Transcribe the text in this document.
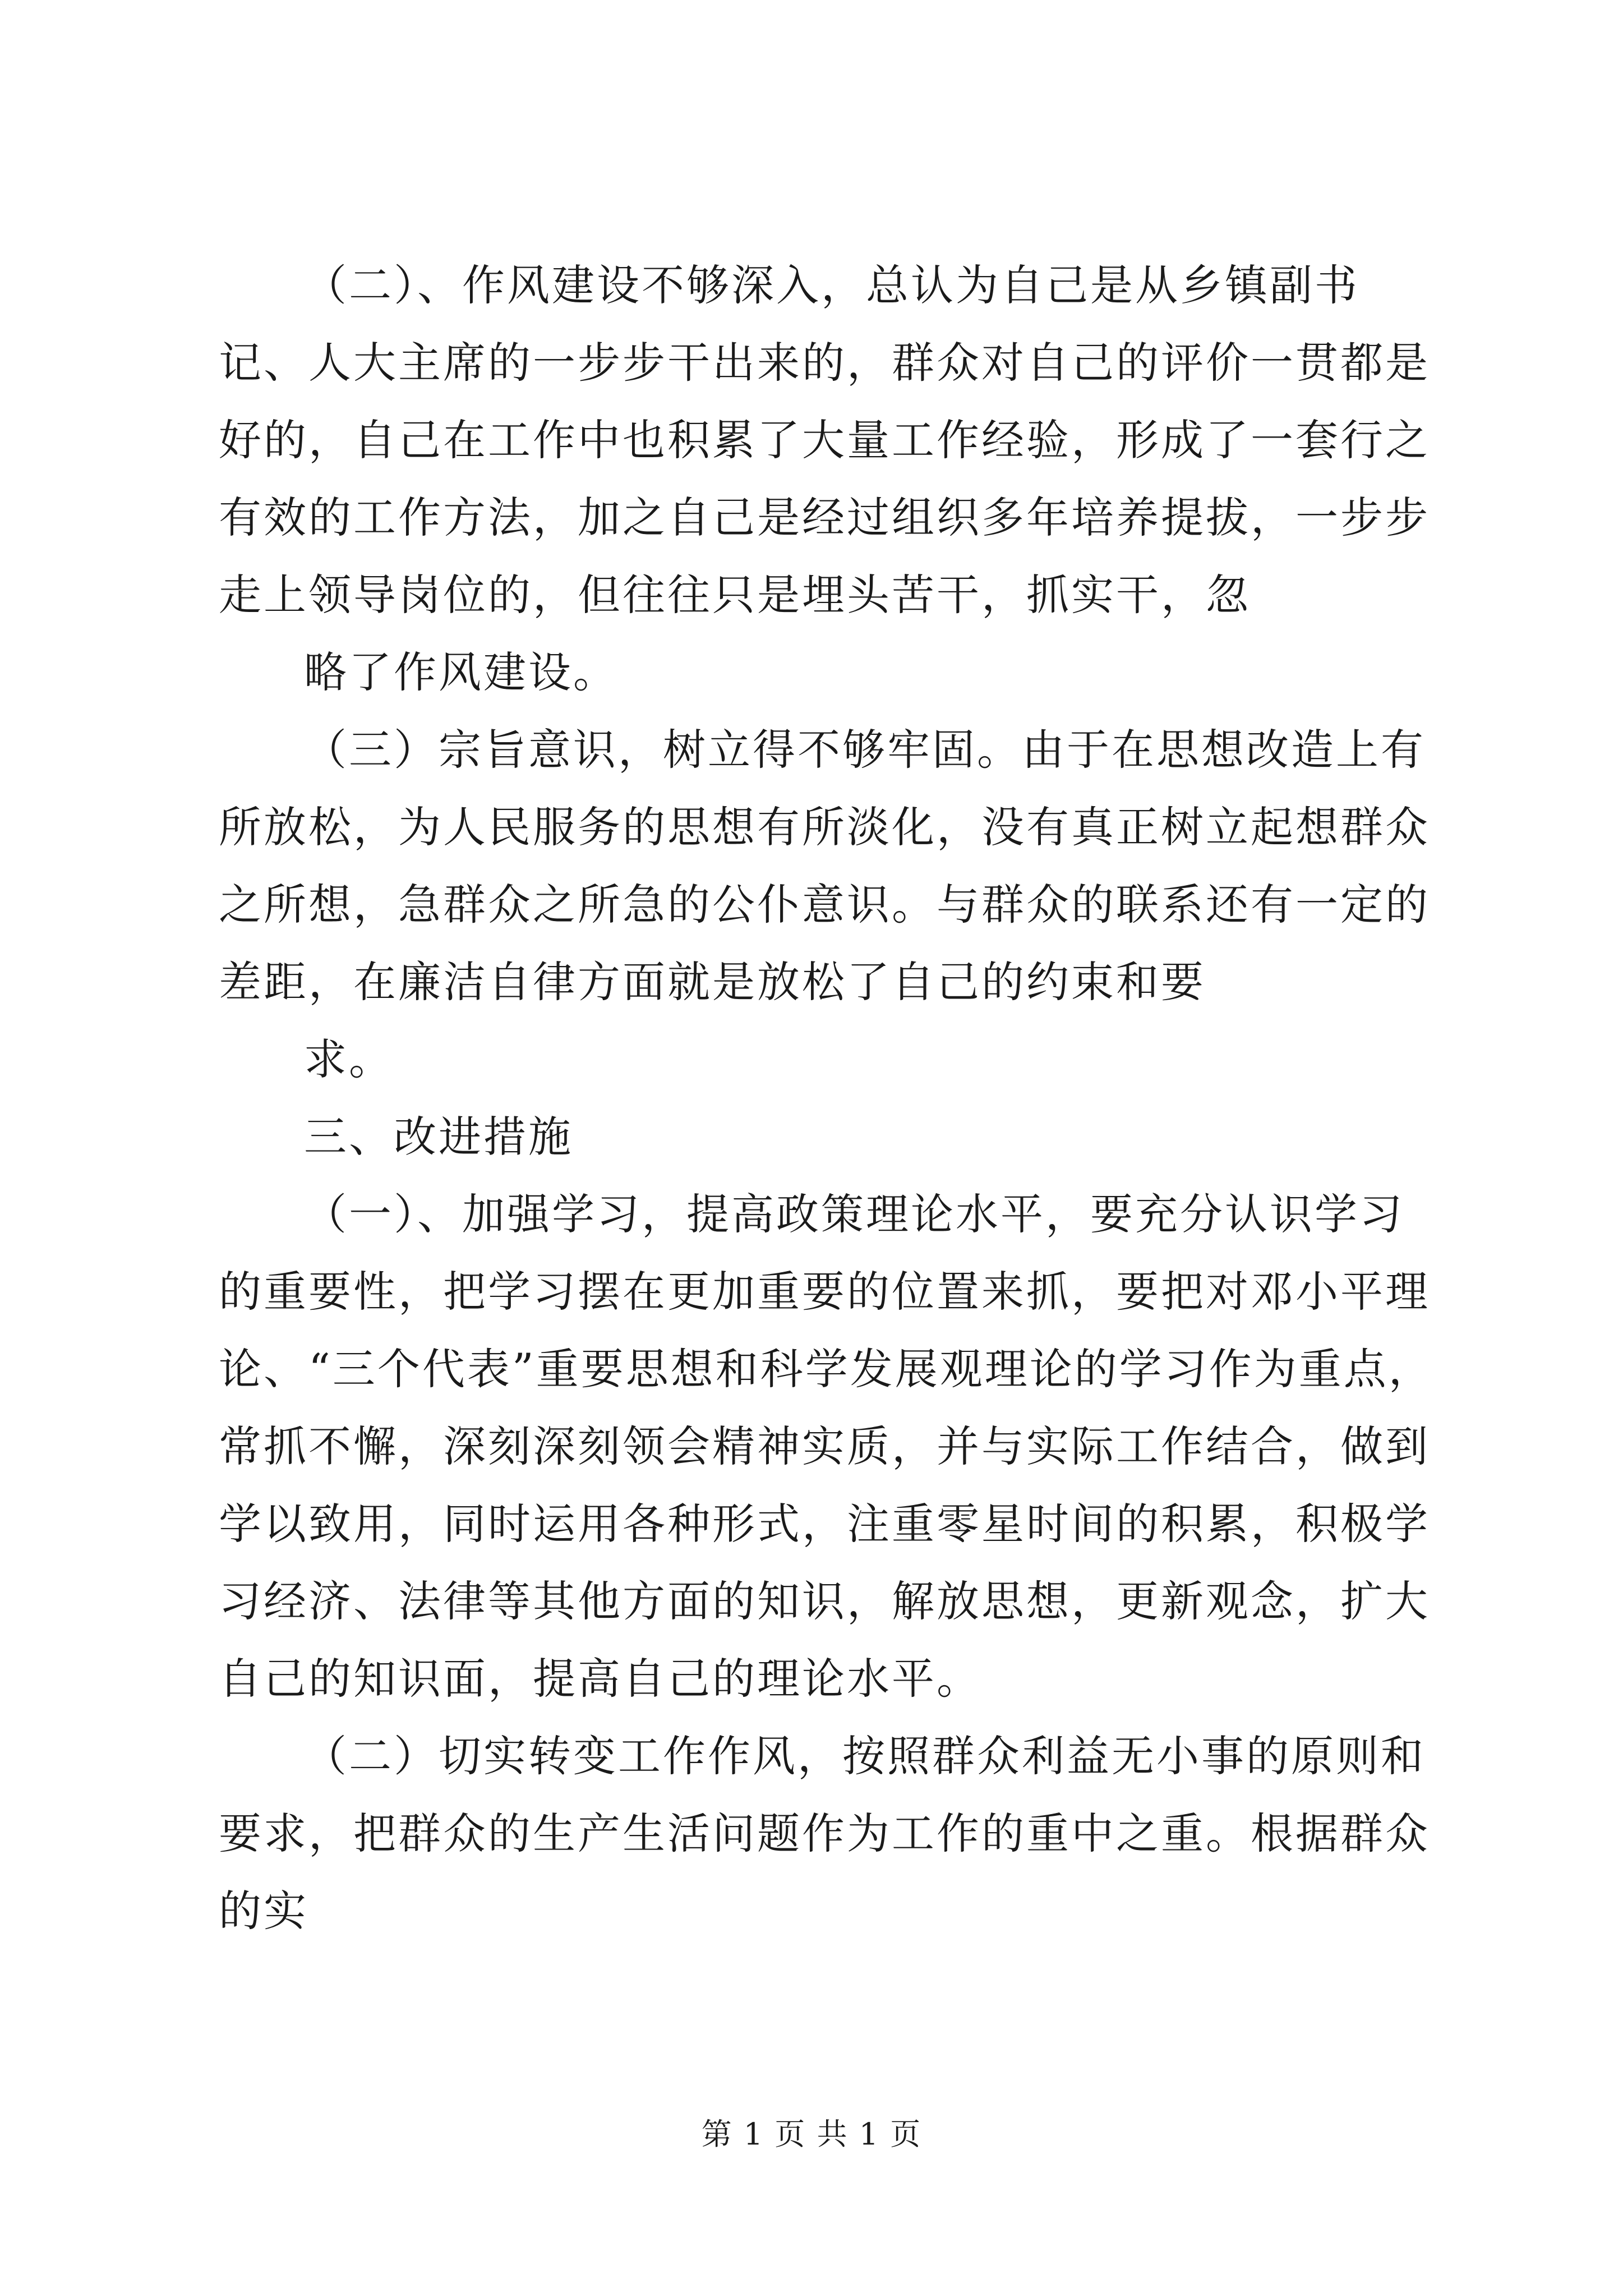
（二）、作风建设不够深入，总认为自己是从乡镇副书记、人大主席的一步步干出来的，群众对自己的评价一贯都是好的，自己在工作中也积累了大量工作经验，形成了一套行之有效的工作方法，加之自己是经过组织多年培养提拔，一步步走上领导岗位的，但往往只是埋头苦干，抓实干，忽

略了作风建设。

（三）宗旨意识，树立得不够牢固。由于在思想改造上有所放松，为人民服务的思想有所淡化，没有真正树立起想群众之所想，急群众之所急的公仆意识。与群众的联系还有一定的差距，在廉洁自律方面就是放松了自己的约束和要

求。

三、改进措施

（一）、加强学习，提高政策理论水平，要充分认识学习的重要性，把学习摆在更加重要的位置来抓，要把对邓小平理论、“三个代表”重要思想和科学发展观理论的学习作为重点，常抓不懈，深刻深刻领会精神实质，并与实际工作结合，做到学以致用，同时运用各种形式，注重零星时间的积累，积极学习经济、法律等其他方面的知识，解放思想，更新观念，扩大自己的知识面，提高自己的理论水平。

（二）切实转变工作作风，按照群众利益无小事的原则和要求，把群众的生产生活问题作为工作的重中之重。根据群众的实

第 1 页 共 1 页
